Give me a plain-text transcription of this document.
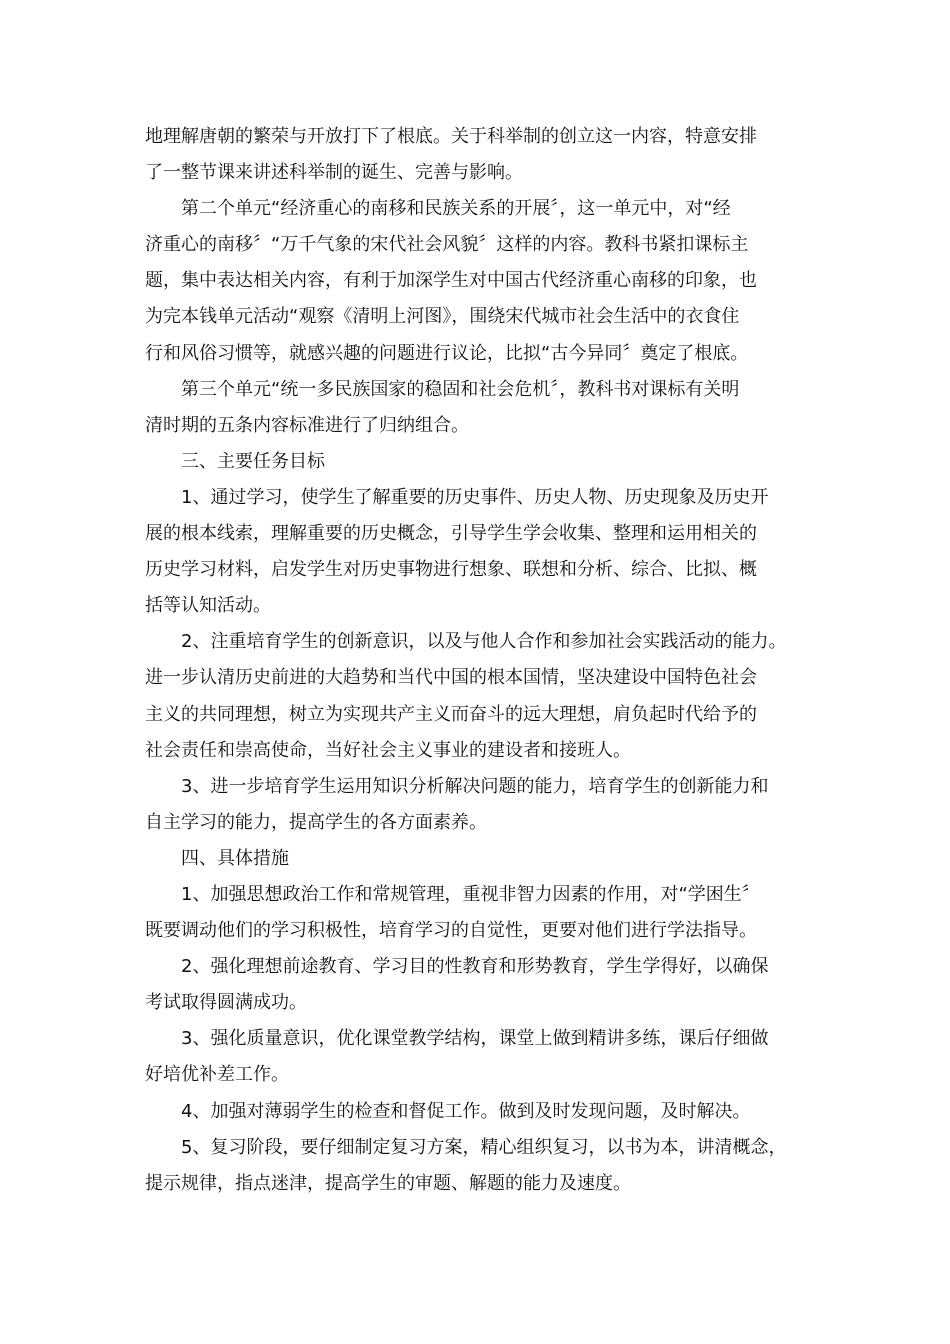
地理解唐朝的繁荣与开放打下了根底。关于科举制的创立这一内容，特意安排
了一整节课来讲述科举制的诞生、完善与影响。
第二个单元“经济重心的南移和民族关系的开展〞，这一单元中，对“经
济重心的南移〞“万千气象的宋代社会风貌〞这样的内容。教科书紧扣课标主
题，集中表达相关内容，有利于加深学生对中国古代经济重心南移的印象，也
为完本钱单元活动“观察《清明上河图》，围绕宋代城市社会生活中的衣食住
行和风俗习惯等，就感兴趣的问题进行议论，比拟“古今异同〞奠定了根底。
第三个单元“统一多民族国家的稳固和社会危机〞，教科书对课标有关明
清时期的五条内容标准进行了归纳组合。
三、主要任务目标
1、通过学习，使学生了解重要的历史事件、历史人物、历史现象及历史开
展的根本线索，理解重要的历史概念，引导学生学会收集、整理和运用相关的
历史学习材料，启发学生对历史事物进行想象、联想和分析、综合、比拟、概
括等认知活动。
2、注重培育学生的创新意识，以及与他人合作和参加社会实践活动的能力。
进一步认清历史前进的大趋势和当代中国的根本国情，坚决建设中国特色社会
主义的共同理想，树立为实现共产主义而奋斗的远大理想，肩负起时代给予的
社会责任和崇高使命，当好社会主义事业的建设者和接班人。
3、进一步培育学生运用知识分析解决问题的能力，培育学生的创新能力和
自主学习的能力，提高学生的各方面素养。
四、具体措施
1、加强思想政治工作和常规管理，重视非智力因素的作用，对“学困生〞
既要调动他们的学习积极性，培育学习的自觉性，更要对他们进行学法指导。
2、强化理想前途教育、学习目的性教育和形势教育，学生学得好，以确保
考试取得圆满成功。
3、强化质量意识，优化课堂教学结构，课堂上做到精讲多练，课后仔细做
好培优补差工作。
4、加强对薄弱学生的检查和督促工作。做到及时发现问题，及时解决。
5、复习阶段，要仔细制定复习方案，精心组织复习，以书为本，讲清概念，
提示规律，指点迷津，提高学生的审题、解题的能力及速度。
